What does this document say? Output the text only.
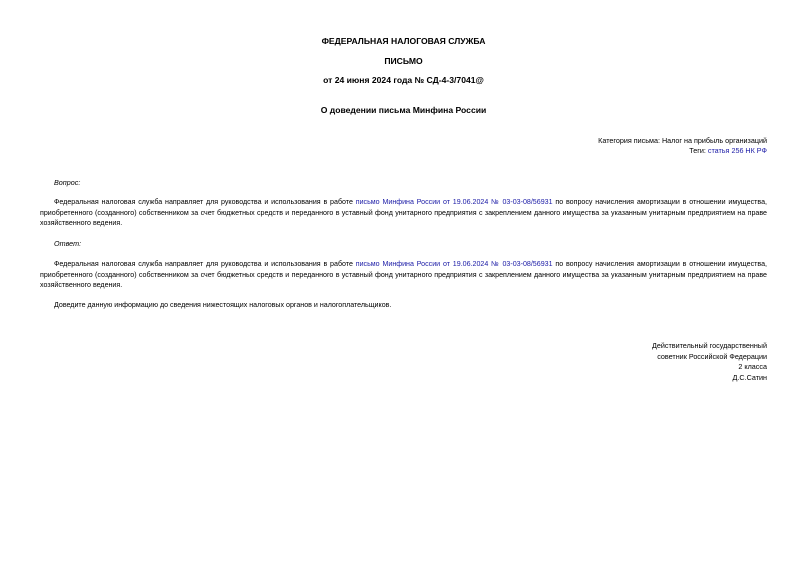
ФЕДЕРАЛЬНАЯ НАЛОГОВАЯ СЛУЖБА
ПИСЬМО
от 24 июня 2024 года № СД-4-3/7041@
О доведении письма Минфина России
Категория письма: Налог на прибыль организаций
Теги: статья 256 НК РФ
Вопрос:
Федеральная налоговая служба направляет для руководства и использования в работе письмо Минфина России от 19.06.2024 № 03-03-08/56931 по вопросу начисления амортизации в отношении имущества, приобретенного (созданного) собственником за счет бюджетных средств и переданного в уставный фонд унитарного предприятия с закреплением данного имущества за указанным унитарным предприятием на праве хозяйственного ведения.
Ответ:
Федеральная налоговая служба направляет для руководства и использования в работе письмо Минфина России от 19.06.2024 № 03-03-08/56931 по вопросу начисления амортизации в отношении имущества, приобретенного (созданного) собственником за счет бюджетных средств и переданного в уставный фонд унитарного предприятия с закреплением данного имущества за указанным унитарным предприятием на праве хозяйственного ведения.
Доведите данную информацию до сведения нижестоящих налоговых органов и налогоплательщиков.
Действительный государственный
советник Российской Федерации
2 класса
Д.С.Сатин
